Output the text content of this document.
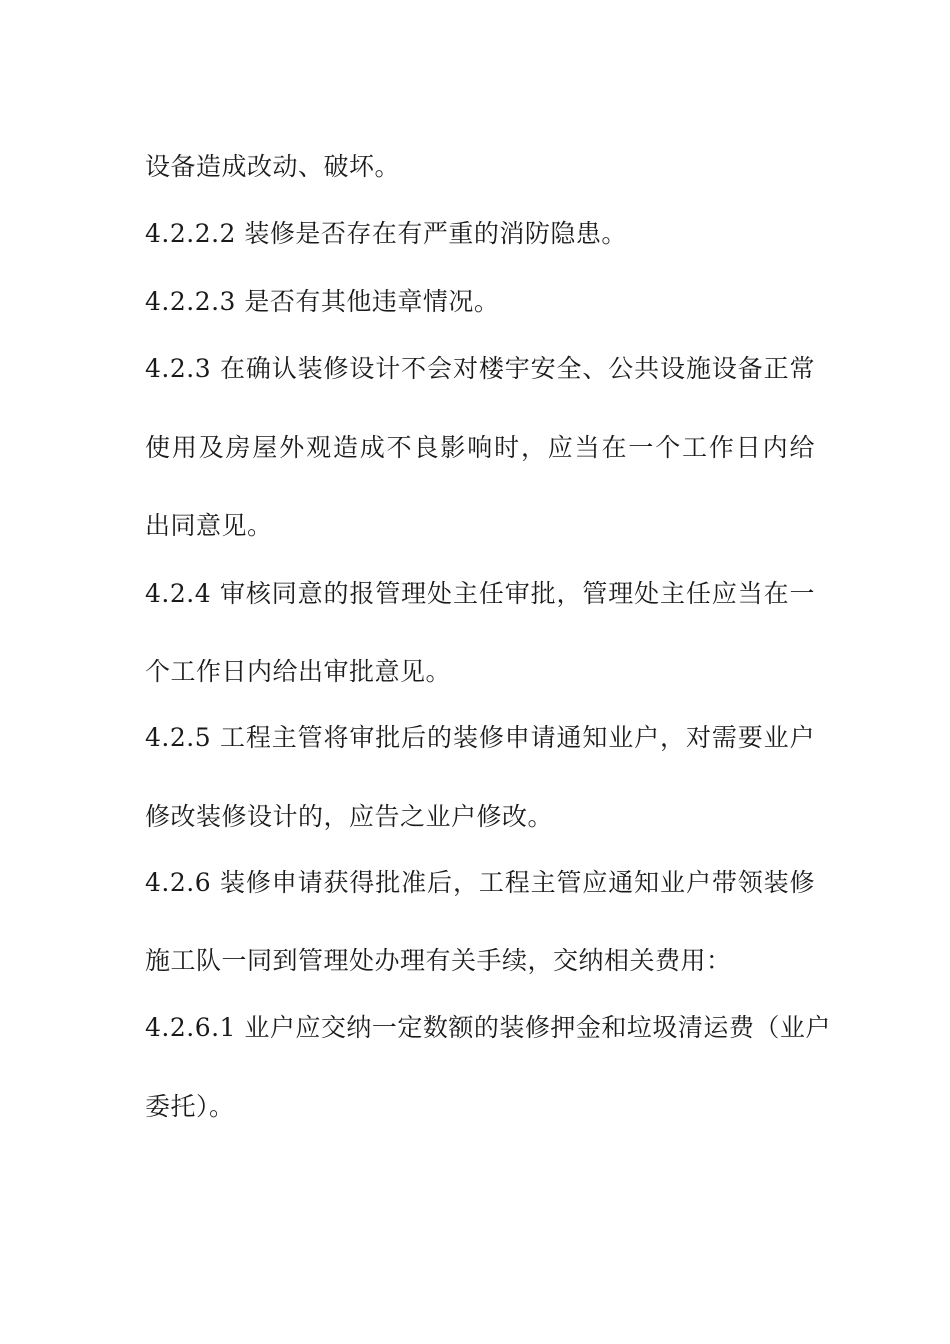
设备造成改动、破坏。
4.2.2.2 装修是否存在有严重的消防隐患。
4.2.2.3 是否有其他违章情况。
4.2.3 在确认装修设计不会对楼宇安全、公共设施设备正常
使用及房屋外观造成不良影响时，应当在一个工作日内给
出同意见。
4.2.4 审核同意的报管理处主任审批，管理处主任应当在一
个工作日内给出审批意见。
4.2.5 工程主管将审批后的装修申请通知业户，对需要业户
修改装修设计的，应告之业户修改。
4.2.6 装修申请获得批准后，工程主管应通知业户带领装修
施工队一同到管理处办理有关手续，交纳相关费用：
4.2.6.1 业户应交纳一定数额的装修押金和垃圾清运费（业户
委托）。
